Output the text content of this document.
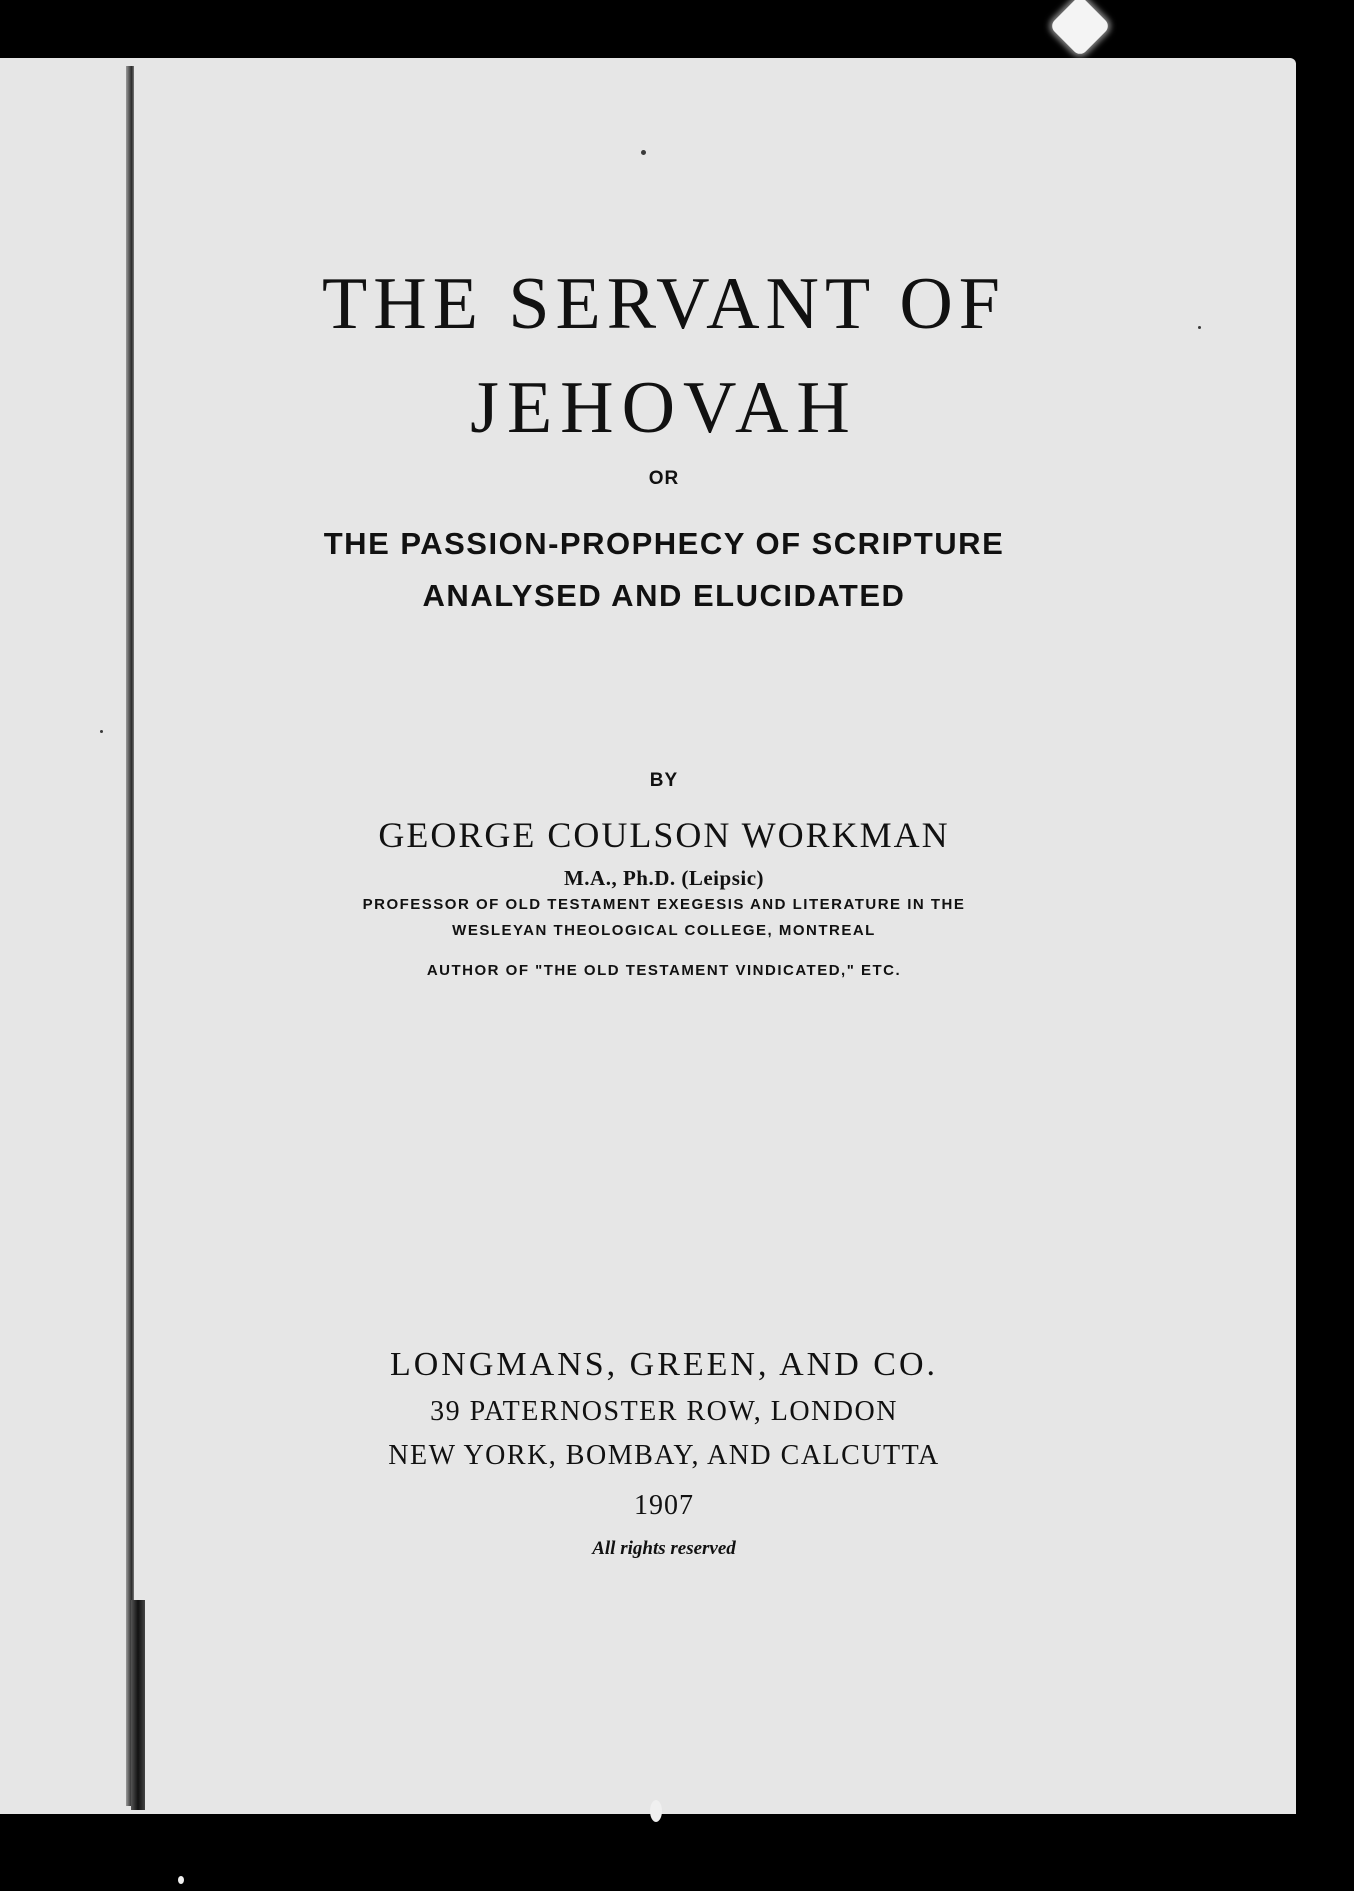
THE SERVANT OF
JEHOVAH
OR
THE PASSION-PROPHECY OF SCRIPTURE
ANALYSED AND ELUCIDATED
BY
GEORGE COULSON WORKMAN
M.A., Ph.D. (Leipsic)
PROFESSOR OF OLD TESTAMENT EXEGESIS AND LITERATURE IN THE
WESLEYAN THEOLOGICAL COLLEGE, MONTREAL
AUTHOR OF "THE OLD TESTAMENT VINDICATED," ETC.
LONGMANS, GREEN, AND CO.
39 PATERNOSTER ROW, LONDON
NEW YORK, BOMBAY, AND CALCUTTA
1907
All rights reserved
